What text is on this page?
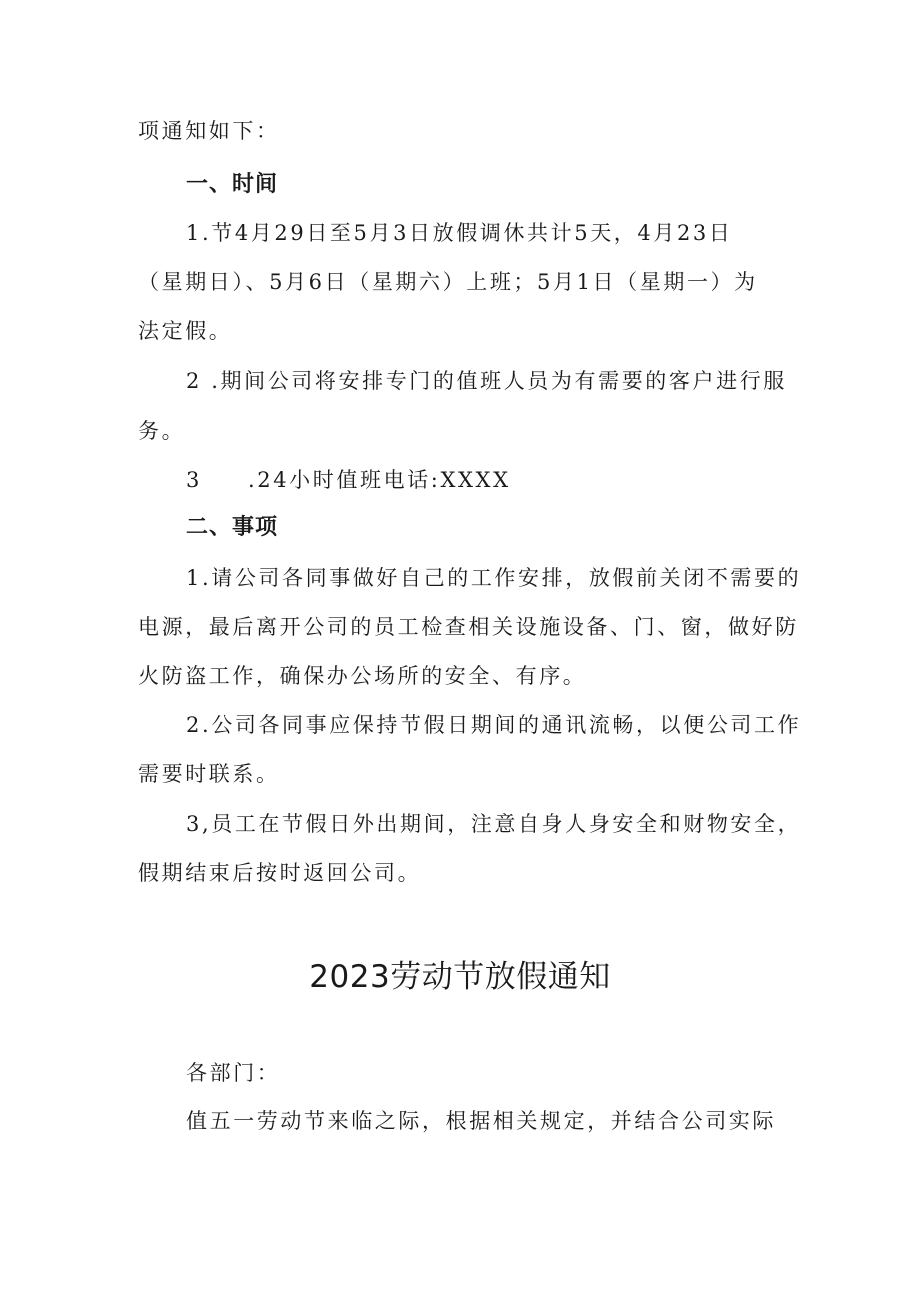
项通知如下：
一、时间
1.节4月29日至5月3日放假调休共计5天，4月23日
（星期日）、5月6日（星期六）上班；5月1日（星期一）为
法定假。
2 .期间公司将安排专门的值班人员为有需要的客户进行服
务。
3 .24小时值班电话:XXXX
二、事项
1.请公司各同事做好自己的工作安排，放假前关闭不需要的
电源，最后离开公司的员工检查相关设施设备、门、窗，做好防
火防盗工作，确保办公场所的安全、有序。
2.公司各同事应保持节假日期间的通讯流畅，以便公司工作
需要时联系。
3,员工在节假日外出期间，注意自身人身安全和财物安全，
假期结束后按时返回公司。
2023劳动节放假通知
各部门：
值五一劳动节来临之际，根据相关规定，并结合公司实际
